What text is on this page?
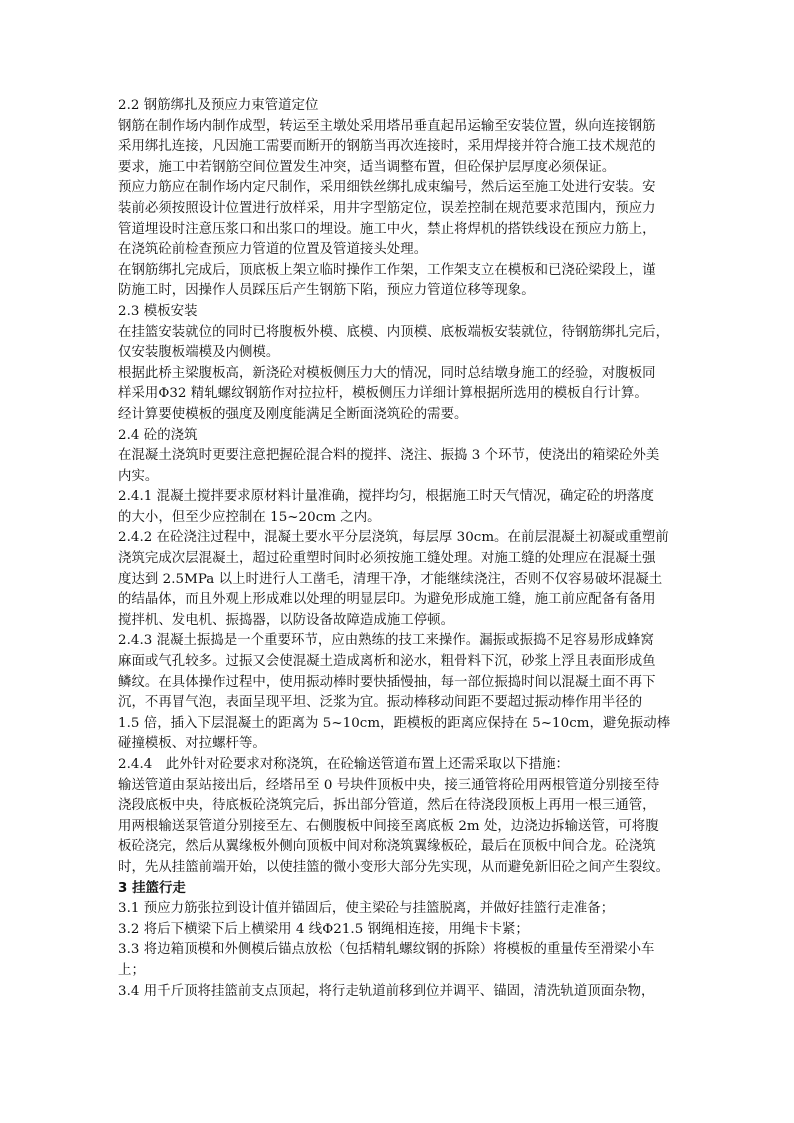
2.2 钢筋绑扎及预应力束管道定位
钢筋在制作场内制作成型，转运至主墩处采用塔吊垂直起吊运输至安装位置，纵向连接钢筋
采用绑扎连接，凡因施工需要而断开的钢筋当再次连接时，采用焊接并符合施工技术规范的
要求，施工中若钢筋空间位置发生冲突，适当调整布置，但砼保护层厚度必须保证。
预应力筋应在制作场内定尺制作，采用细铁丝绑扎成束编号，然后运至施工处进行安装。安
装前必须按照设计位置进行放样采，用井字型筋定位，误差控制在规范要求范围内，预应力
管道埋设时注意压浆口和出浆口的埋设。施工中火，禁止将焊机的搭铁线设在预应力筋上，
在浇筑砼前检查预应力管道的位置及管道接头处理。
在钢筋绑扎完成后，顶底板上架立临时操作工作架，工作架支立在模板和已浇砼梁段上，谨
防施工时，因操作人员踩压后产生钢筋下陷，预应力管道位移等现象。
2.3 模板安装
在挂篮安装就位的同时已将腹板外模、底模、内顶模、底板端板安装就位，待钢筋绑扎完后，
仅安装腹板端模及内侧模。
根据此桥主梁腹板高，新浇砼对模板侧压力大的情况，同时总结墩身施工的经验，对腹板同
样采用Φ32 精轧螺纹钢筋作对拉拉杆，模板侧压力详细计算根据所选用的模板自行计算。
经计算要使模板的强度及刚度能满足全断面浇筑砼的需要。
2.4 砼的浇筑
在混凝土浇筑时更要注意把握砼混合料的搅拌、浇注、振捣 3 个环节，使浇出的箱梁砼外美
内实。
2.4.1 混凝土搅拌要求原材料计量准确，搅拌均匀，根据施工时天气情况，确定砼的坍落度
的大小，但至少应控制在 15~20cm 之内。
2.4.2 在砼浇注过程中，混凝土要水平分层浇筑，每层厚 30cm。在前层混凝土初凝或重塑前
浇筑完成次层混凝土，超过砼重塑时间时必须按施工缝处理。对施工缝的处理应在混凝土强
度达到 2.5MPa 以上时进行人工凿毛，清理干净，才能继续浇注，否则不仅容易破坏混凝土
的结晶体，而且外观上形成难以处理的明显层印。为避免形成施工缝，施工前应配备有备用
搅拌机、发电机、振捣器，以防设备故障造成施工停顿。
2.4.3 混凝土振捣是一个重要环节，应由熟练的技工来操作。漏振或振捣不足容易形成蜂窝
麻面或气孔较多。过振又会使混凝土造成离析和泌水，粗骨料下沉，砂浆上浮且表面形成鱼
鳞纹。在具体操作过程中，使用振动棒时要快插慢抽，每一部位振捣时间以混凝土面不再下
沉，不再冒气泡，表面呈现平坦、泛浆为宜。振动棒移动间距不要超过振动棒作用半径的
1.5 倍，插入下层混凝土的距离为 5~10cm，距模板的距离应保持在 5~10cm，避免振动棒
碰撞模板、对拉螺杆等。
2.4.4　此外针对砼要求对称浇筑，在砼输送管道布置上还需采取以下措施：
输送管道由泵站接出后，经塔吊至 0 号块件顶板中央，接三通管将砼用两根管道分别接至待
浇段底板中央，待底板砼浇筑完后，拆出部分管道，然后在待浇段顶板上再用一根三通管，
用两根输送泵管道分别接至左、右侧腹板中间接至离底板 2m 处，边浇边拆输送管，可将腹
板砼浇完，然后从翼缘板外侧向顶板中间对称浇筑翼缘板砼，最后在顶板中间合龙。砼浇筑
时，先从挂篮前端开始，以使挂篮的微小变形大部分先实现，从而避免新旧砼之间产生裂纹。
3 挂篮行走
3.1 预应力筋张拉到设计值并锚固后，使主梁砼与挂篮脱离，并做好挂篮行走准备；
3.2 将后下横梁下后上横梁用 4 线Φ21.5 钢绳相连接，用绳卡卡紧；
3.3 将边箱顶模和外侧模后锚点放松（包括精轧螺纹钢的拆除）将模板的重量传至滑梁小车
上；
3.4 用千斤顶将挂篮前支点顶起，将行走轨道前移到位并调平、锚固，清洗轨道顶面杂物，
